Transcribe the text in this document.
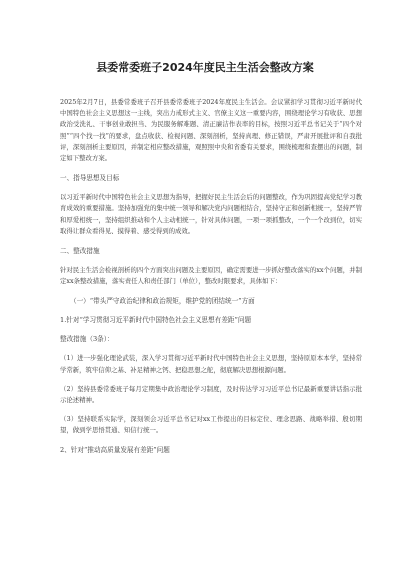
县委常委班子2024年度民主生活会整改方案

2025年2月7日，县委常委班子召开县委常委班子2024年度民主生活会。会议紧扣学习贯彻习近平新时代中国特色社会主义思想这一主线，突出力戒形式主义、官僚主义这一重要内容，围绕理论学习有收获、思想政治受洗礼、干事创业敢担当、为民服务解难题、清正廉洁作表率的目标，按照习近平总书记关于“四个对照”“四个找一找”的要求，盘点收获、检视问题、深刻剖析，坚持真理、修正错误，严肃开展批评和自我批评，深刻剖析主要原因，并制定相应整改措施，观照照中央和省委有关要求，围绕梳理和查摆出的问题，制定如下整改方案。

一、指导思想及目标

以习近平新时代中国特色社会主义思想为指导，把握好民主生活会后的问题整改，作为巩固提高党纪学习教育成效的重要措施。坚持加强党的集中统一领导和解决党内问题相结合，坚持守正和创新相统一，坚持严管和厚爱相统一，坚持组织推动和个人主动相统一，针对具体问题，一项一项抓整改，一个一个改到位，切实取得让群众看得见、摸得着、感受得到的成效。

二、整改措施

针对民主生活会检视剖析的四个方面突出问题及主要原因，确定需要进一步抓好整改落实的xx个问题，并制定xx条整改措施，落实责任人和责任部门（单位），整改时限要求，具体如下：

（一）“带头严守政治纪律和政治规矩，维护党的团结统一”方面

1.针对“学习贯彻习近平新时代中国特色社会主义思想有差距”问题

整改措施（3条）：

（1）进一步强化理论武装，深入学习贯彻习近平新时代中国特色社会主义思想，坚持原原本本学，坚持常学常新，筑牢信仰之基、补足精神之钙、把稳思想之舵，彻底解决思想根源问题。

（2）坚持县委常委班子每月定期集中政治理论学习制度，及时传达学习习近平总书记最新重要讲话指示批示论述精神。

（3）坚持联系实际学，深刻领会习近平总书记对xx工作提出的目标定位、理念思路、战略举措、殷切期望，做到学思悟贯通、知信行统一。

2、针对“推动高质量发展有差距”问题
